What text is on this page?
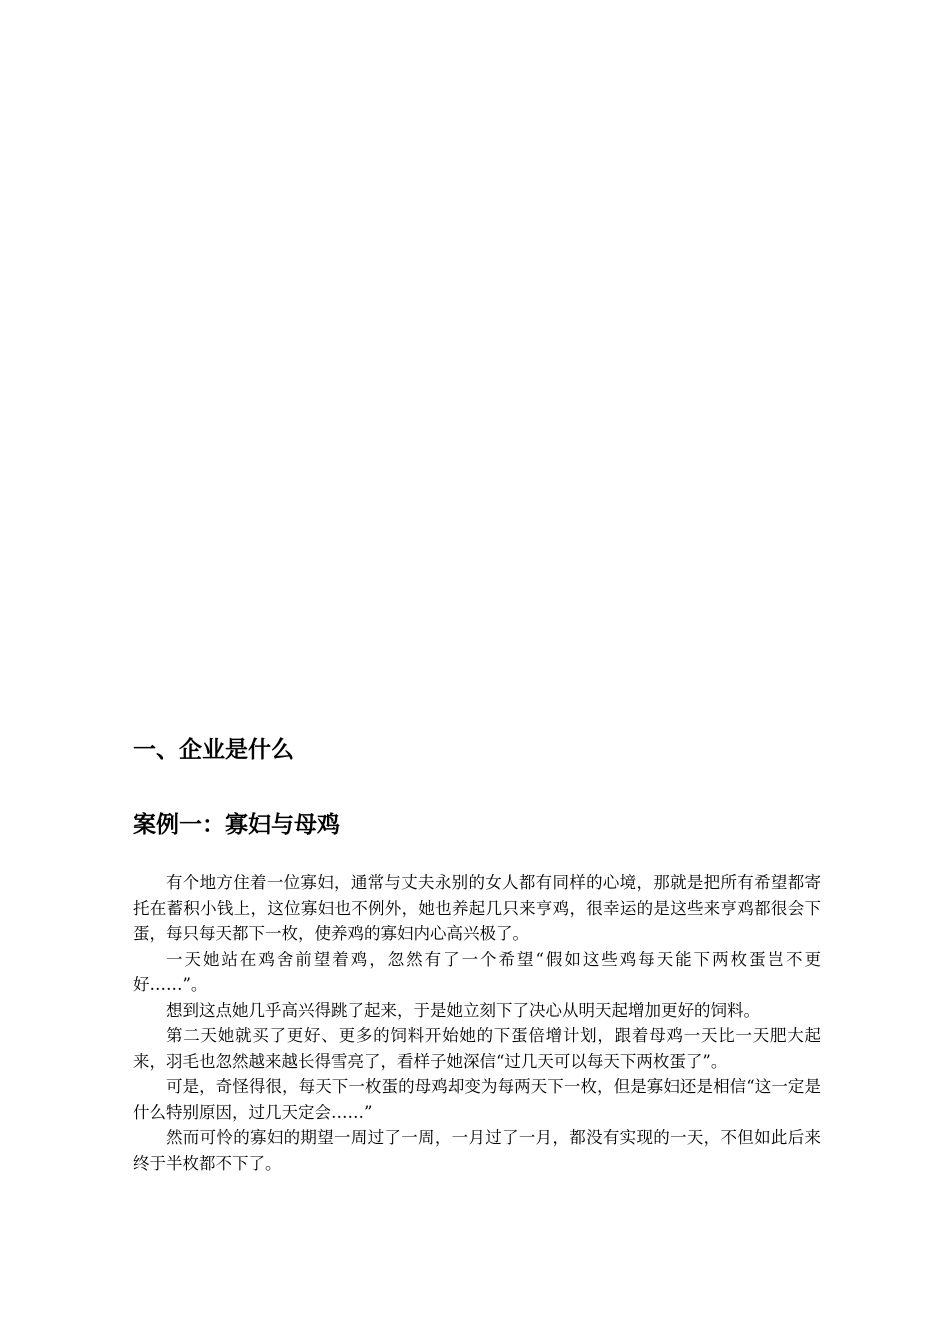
一、企业是什么
案例一：寡妇与母鸡

有个地方住着一位寡妇，通常与丈夫永别的女人都有同样的心境，那就是把所有希望都寄托在蓄积小钱上，这位寡妇也不例外，她也养起几只来亨鸡，很幸运的是这些来亨鸡都很会下蛋，每只每天都下一枚，使养鸡的寡妇内心高兴极了。

一天她站在鸡舍前望着鸡，忽然有了一个希望“假如这些鸡每天能下两枚蛋岂不更好……”。

想到这点她几乎高兴得跳了起来，于是她立刻下了决心从明天起增加更好的饲料。

第二天她就买了更好、更多的饲料开始她的下蛋倍增计划，跟着母鸡一天比一天肥大起来，羽毛也忽然越来越长得雪亮了，看样子她深信“过几天可以每天下两枚蛋了”。

可是，奇怪得很，每天下一枚蛋的母鸡却变为每两天下一枚，但是寡妇还是相信“这一定是什么特别原因，过几天定会……”

然而可怜的寡妇的期望一周过了一周，一月过了一月，都没有实现的一天，不但如此后来终于半枚都不下了。
